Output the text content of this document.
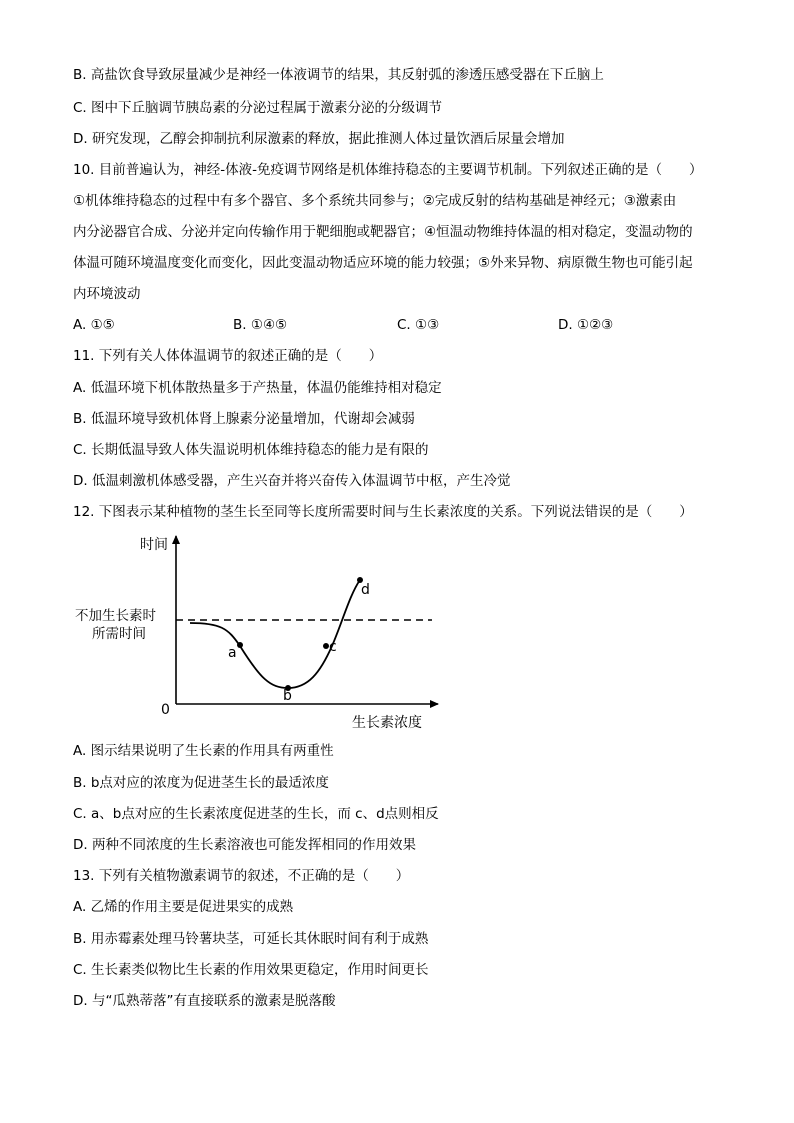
B. 高盐饮食导致尿量减少是神经一体液调节的结果，其反射弧的渗透压感受器在下丘脑上
C. 图中下丘脑调节胰岛素的分泌过程属于激素分泌的分级调节
D. 研究发现，乙醇会抑制抗利尿激素的释放，据此推测人体过量饮酒后尿量会增加
10. 目前普遍认为，神经-体液-免疫调节网络是机体维持稳态的主要调节机制。下列叙述正确的是（　　）
①机体维持稳态的过程中有多个器官、多个系统共同参与；②完成反射的结构基础是神经元；③激素由
内分泌器官合成、分泌并定向传输作用于靶细胞或靶器官；④恒温动物维持体温的相对稳定，变温动物的
体温可随环境温度变化而变化，因此变温动物适应环境的能力较强；⑤外来异物、病原微生物也可能引起
内环境波动
A. ①⑤	B. ①④⑤	C. ①③	D. ①②③
11. 下列有关人体体温调节的叙述正确的是（　　）
A. 低温环境下机体散热量多于产热量，体温仍能维持相对稳定
B. 低温环境导致机体肾上腺素分泌量增加，代谢却会减弱
C. 长期低温导致人体失温说明机体维持稳态的能力是有限的
D. 低温刺激机体感受器，产生兴奋并将兴奋传入体温调节中枢，产生冷觉
12. 下图表示某种植物的茎生长至同等长度所需要时间与生长素浓度的关系。下列说法错误的是（　　）
时间
0
生长素浓度
不加生长素时
所需时间
a
b
c
d
A. 图示结果说明了生长素的作用具有两重性
B. b点对应的浓度为促进茎生长的最适浓度
C. a、b点对应的生长素浓度促进茎的生长，而 c、d点则相反
D. 两种不同浓度的生长素溶液也可能发挥相同的作用效果
13. 下列有关植物激素调节的叙述，不正确的是（　　）
A. 乙烯的作用主要是促进果实的成熟
B. 用赤霉素处理马铃薯块茎，可延长其休眠时间有利于成熟
C. 生长素类似物比生长素的作用效果更稳定，作用时间更长
D. 与“瓜熟蒂落”有直接联系的激素是脱落酸
